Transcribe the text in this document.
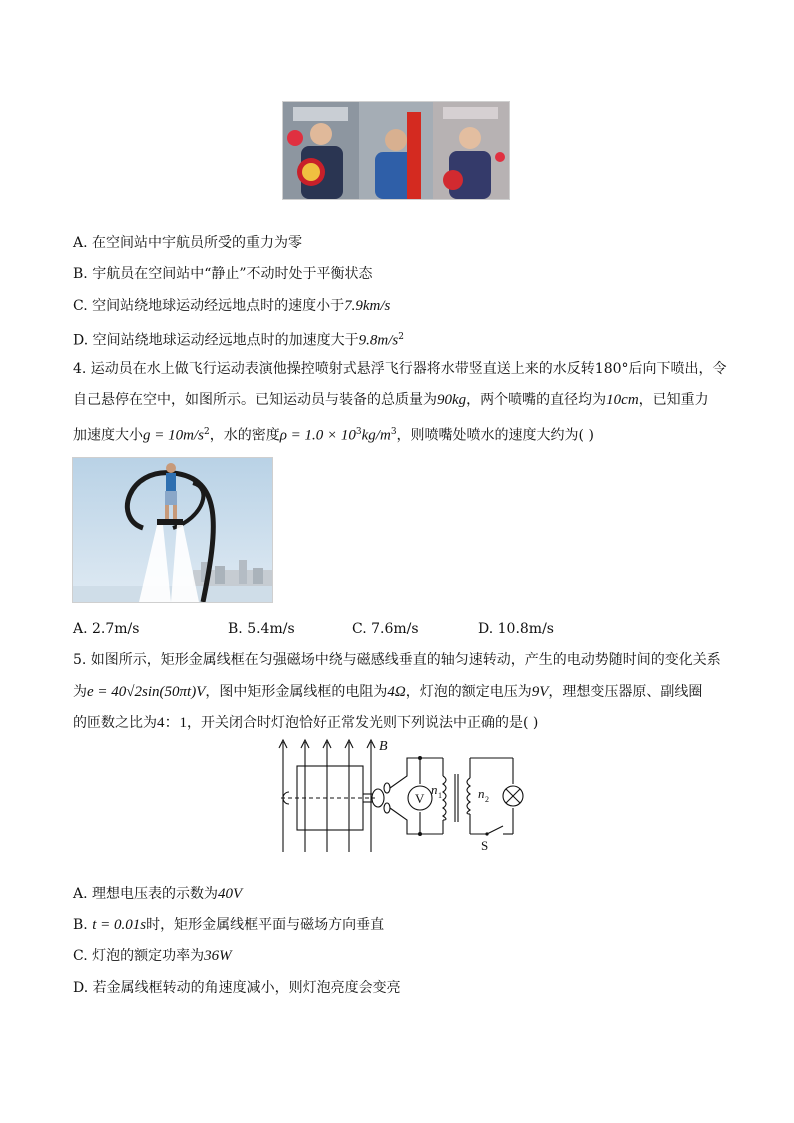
A. 在空间站中宇航员所受的重力为零
B. 宇航员在空间站中“静止”不动时处于平衡状态
C. 空间站绕地球运动经远地点时的速度小于7.9km/s
D. 空间站绕地球运动经远地点时的加速度大于$9.8m/s^2$
4. 运动员在水上做飞行运动表演他操控喷射式悬浮飞行器将水带竖直送上来的水反转180°后向下喷出，令
自己悬停在空中，如图所示。已知运动员与装备的总质量为90kg，两个喷嘴的直径均为10cm，已知重力
加速度大小$g = 10m/s^2$，水的密度$\rho = 1.0 \times 10^3kg/m^3$，则喷嘴处喷水的速度大约为( )
A. 2.7m/s	B. 5.4m/s	C. 7.6m/s	D. 10.8m/s
5. 如图所示，矩形金属线框在匀强磁场中绕与磁感线垂直的轴匀速转动，产生的电动势随时间的变化关系
为e = 40√2sin(50πt)V，图中矩形金属线框的电阻为4Ω，灯泡的额定电压为9V，理想变压器原、副线圈
的匝数之比为4：1，开关闭合时灯泡恰好正常发光则下列说法中正确的是( )
B
V
n 1	n 2
S
A. 理想电压表的示数为40V
B. t = 0.01s时，矩形金属线框平面与磁场方向垂直
C. 灯泡的额定功率为36W
D. 若金属线框转动的角速度减小，则灯泡亮度会变亮
